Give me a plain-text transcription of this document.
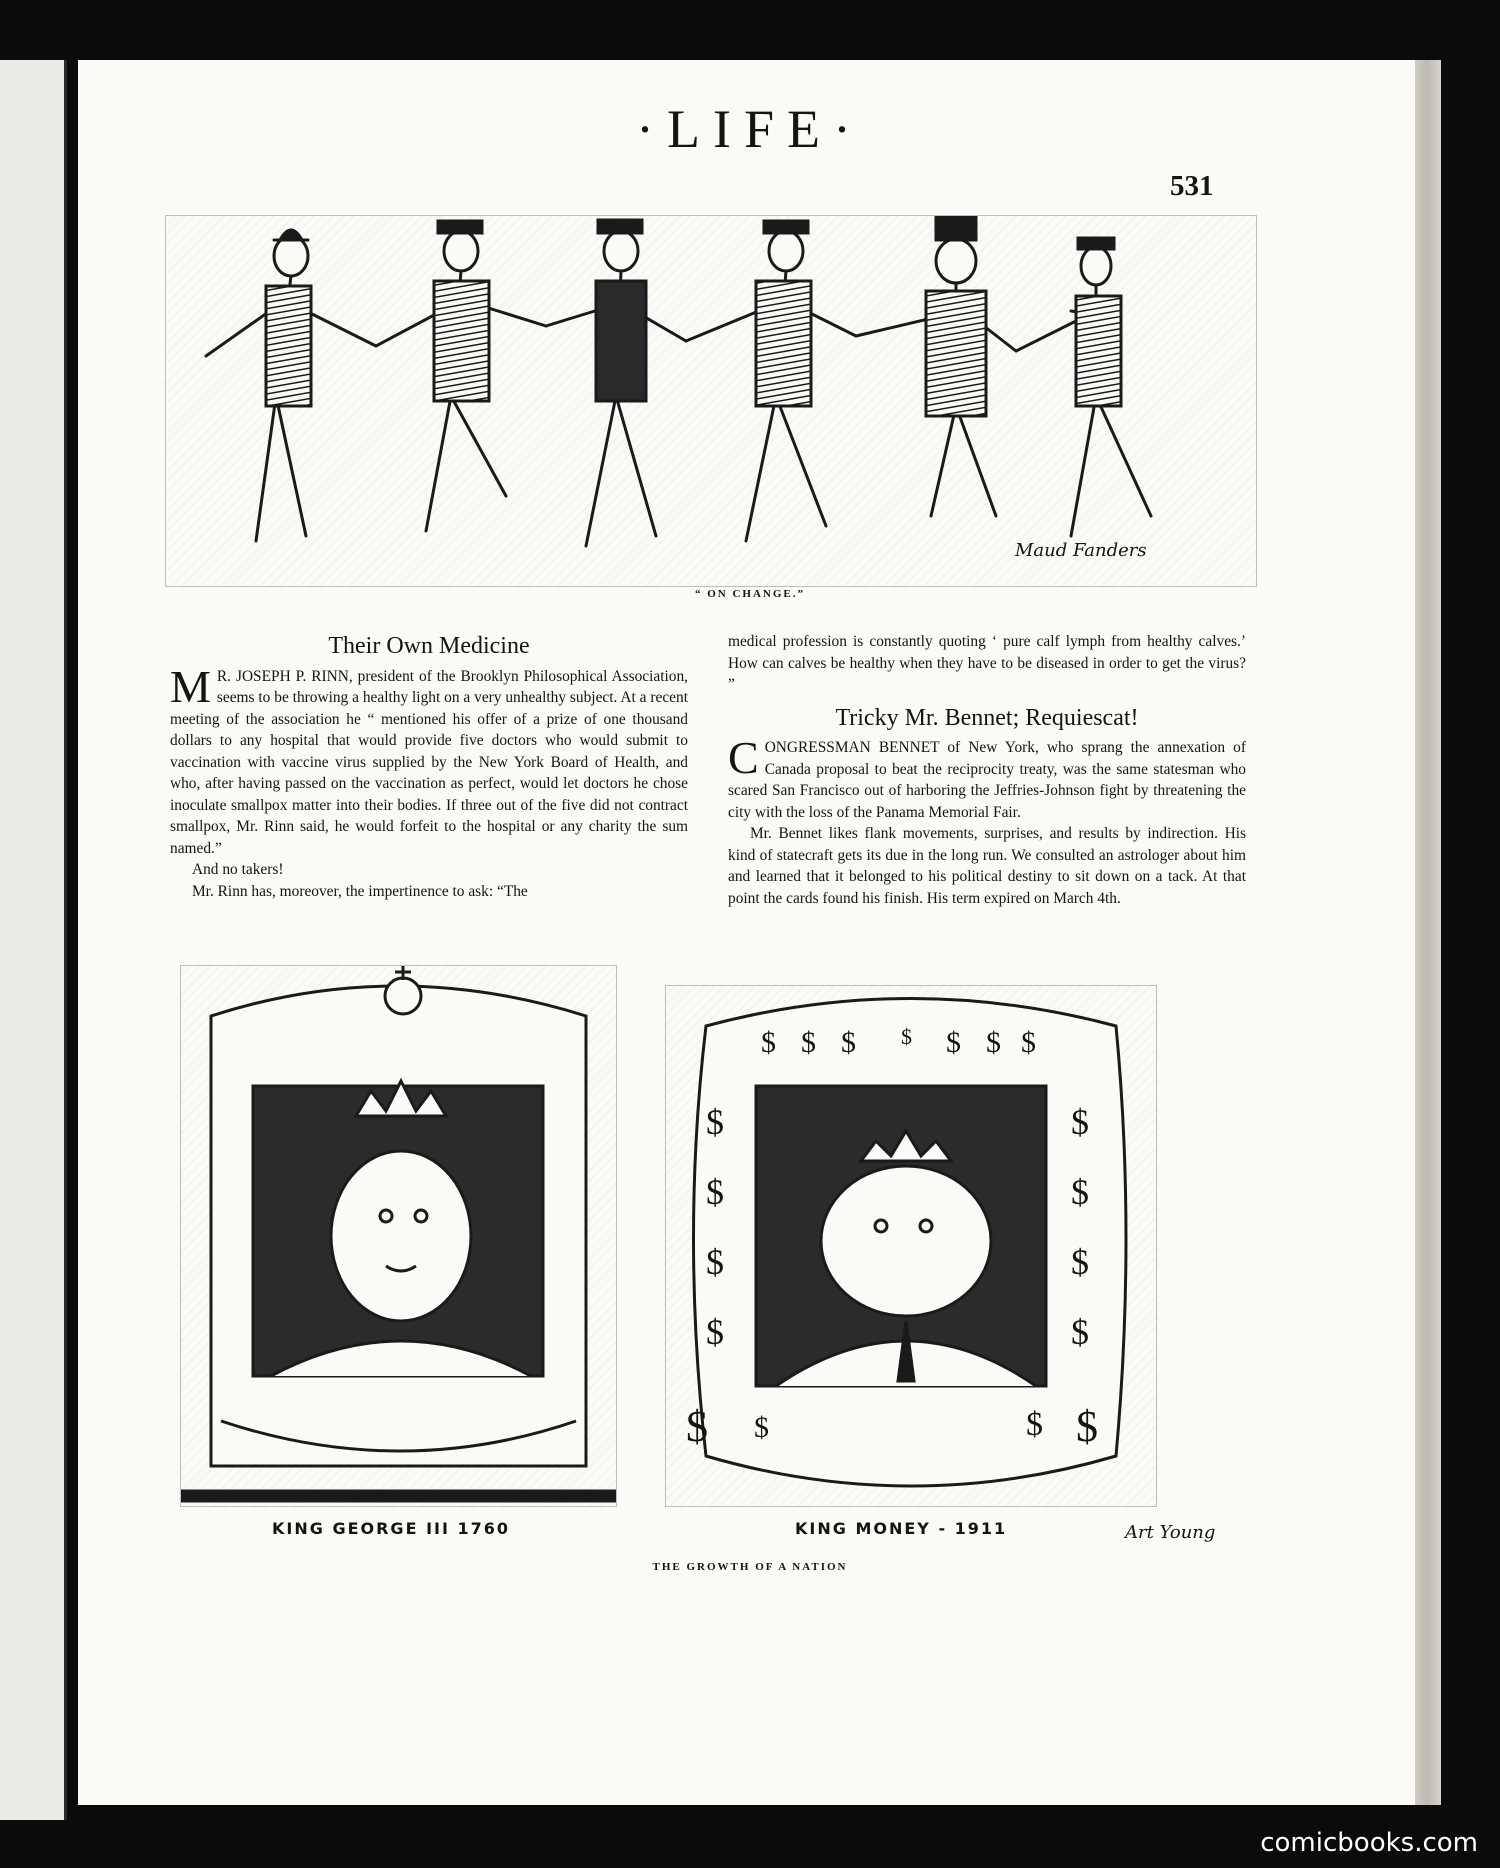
·LIFE·
531
Maud Fanders
“ ON CHANGE.”
Their Own Medicine

M R. JOSEPH P. RINN, president of the Brooklyn Philosophical Association, seems to be throwing a healthy light on a very unhealthy subject. At a recent meeting of the association he “ mentioned his offer of a prize of one thousand dollars to any hospital that would provide five doctors who would submit to vaccination with vaccine virus supplied by the New York Board of Health, and who, after having passed on the vaccination as perfect, would let doctors he chose inoculate smallpox matter into their bodies. If three out of the five did not contract smallpox, Mr. Rinn said, he would forfeit to the hospital or any charity the sum named.”

And no takers!

Mr. Rinn has, moreover, the impertinence to ask: “The

medical profession is constantly quoting ‘ pure calf lymph from healthy calves.’ How can calves be healthy when they have to be diseased in order to get the virus? ”

Tricky Mr. Bennet; Requiescat!

CONGRESSMAN BENNET of New York, who sprang the annexation of Canada proposal to beat the reciprocity treaty, was the same statesman who scared San Francisco out of harboring the Jeffries-Johnson fight by threatening the city with the loss of the Panama Memorial Fair.

Mr. Bennet likes flank movements, surprises, and results by indirection. His kind of statecraft gets its due in the long run. We consulted an astrologer about him and learned that it belonged to his political destiny to sit down on a tack. At that point the cards found his finish. His term expired on March 4th.

$ $ $ $ $ $ $
$
$
$
$
$
$
$
$
$ $	$ $
KING GEORGE III 1760	KING MONEY - 1911	Art Young
THE GROWTH OF A NATION
comicbooks.com
